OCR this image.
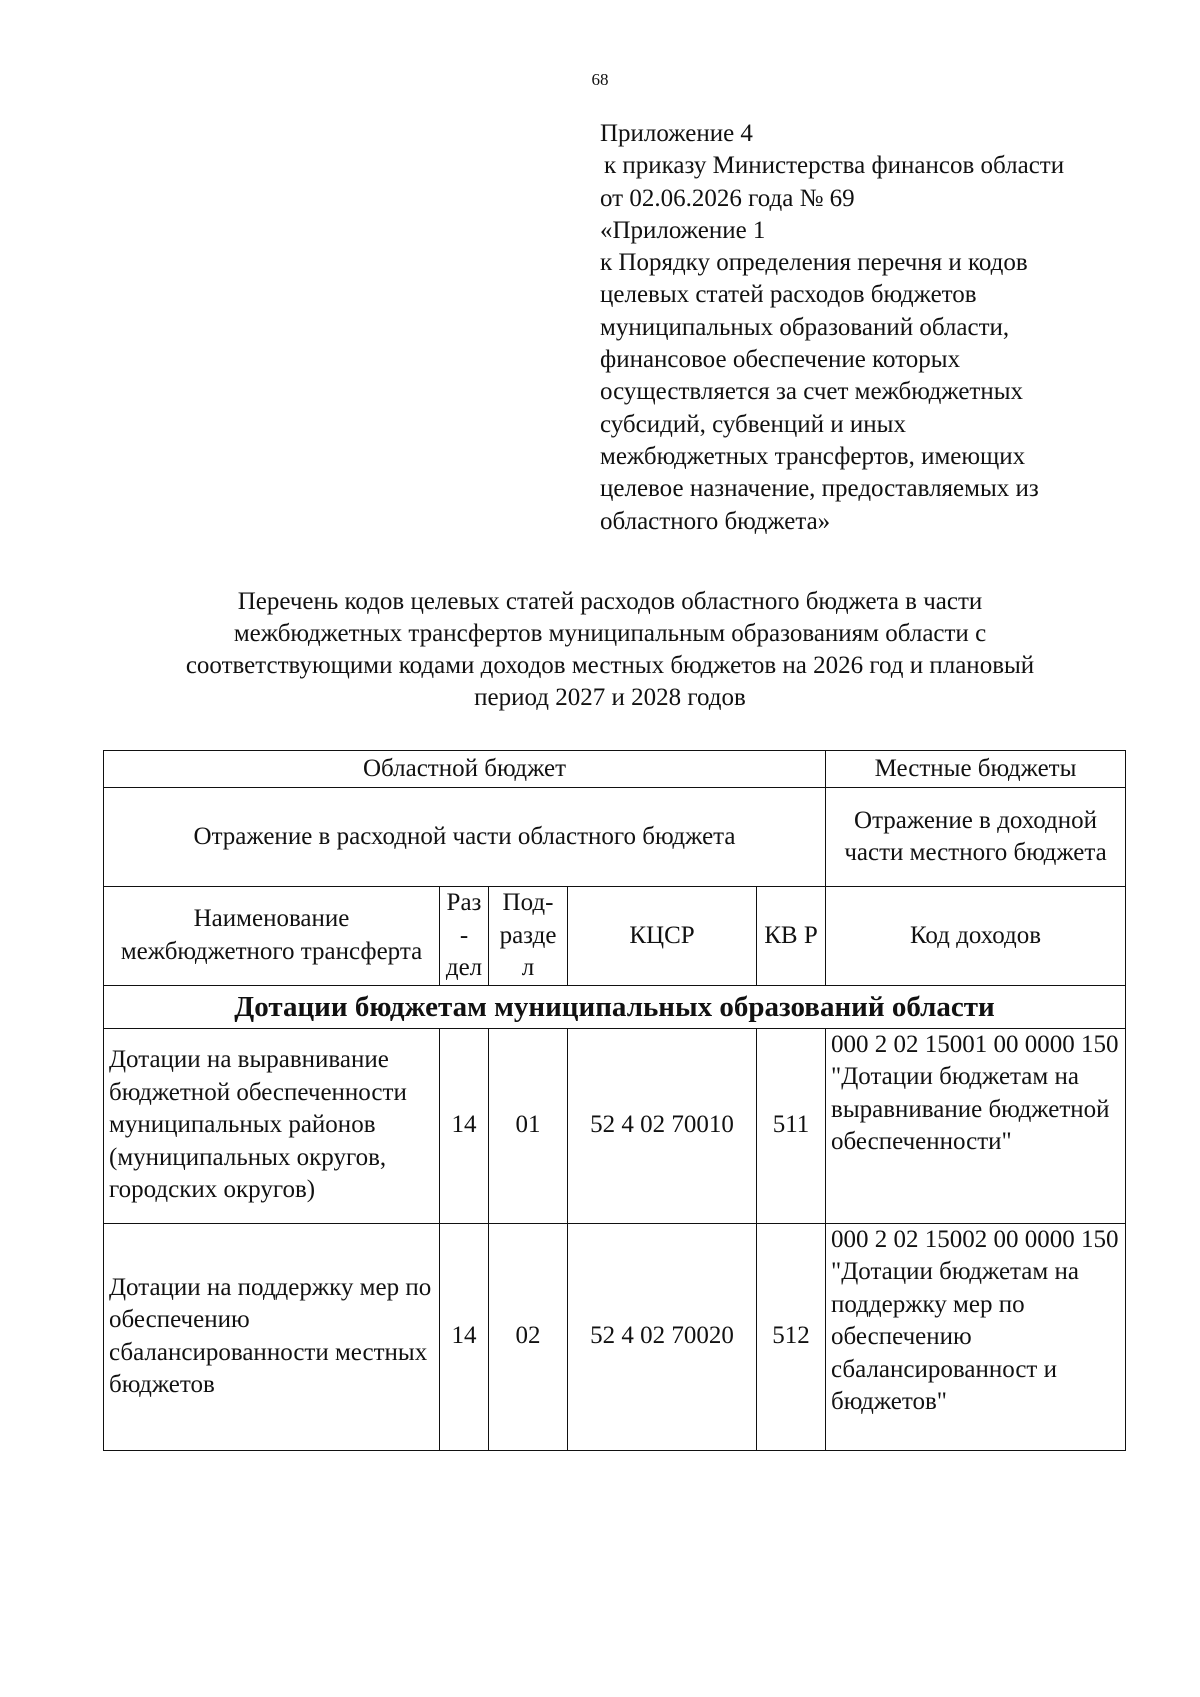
68
Приложение 4
к приказу Министерства финансов области
от 02.06.2026 года № 69
«Приложение 1
к Порядку определения перечня и кодов
целевых статей расходов бюджетов
муниципальных образований области,
финансовое обеспечение которых
осуществляется за счет межбюджетных
субсидий, субвенций и иных
межбюджетных трансфертов, имеющих
целевое назначение, предоставляемых из
областного бюджета»
Перечень кодов целевых статей расходов областного бюджета в части
межбюджетных трансфертов муниципальным образованиям области с
соответствующими кодами доходов местных бюджетов на 2026 год и плановый
период 2027 и 2028 годов
Областной бюджет					Местные бюджеты
Отражение в расходной части областного бюджета					Отражение в доходной части местного бюджета
Наименование межбюджетного трансферта	Раз - дел	Под- разде л	КЦСР	КВ Р	Код доходов
Дотации бюджетам муниципальных образований области					
Дотации на выравнивание бюджетной обеспеченности муниципальных районов (муниципальных округов, городских округов)	14	01	52 4 02 70010	511	000 2 02 15001 00 0000 150 "Дотации бюджетам на выравнивание бюджетной обеспеченности"
Дотации на поддержку мер по обеспечению сбалансированности местных бюджетов	14	02	52 4 02 70020	512	000 2 02 15002 00 0000 150 "Дотации бюджетам на поддержку мер по обеспечению сбалансированност и бюджетов"
